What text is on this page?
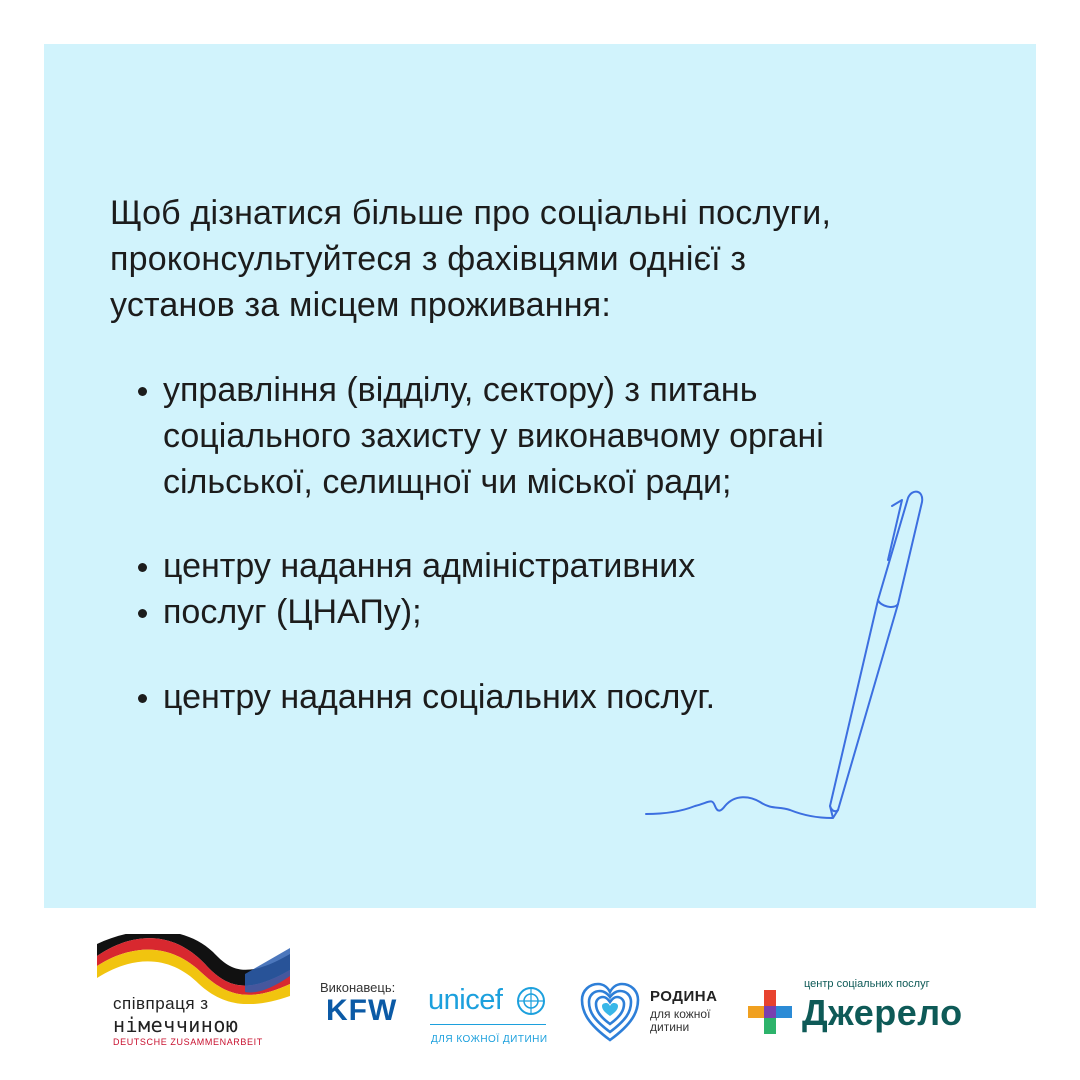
Щоб дізнатися більше про соціальні послуги,
проконсультуйтеся з фахівцями однієї з
установ за місцем проживання:
управління (відділу, сектору) з питань
соціального захисту у виконавчому органі
сільської, селищної чи міської ради;
центру надання адміністративних
послуг (ЦНАПу);
центру надання соціальних послуг.
співпраця з
німеччиною
DEUTSCHE ZUSAMMENARBEIT
Виконавець:
KFW unicef
ДЛЯ КОЖНОЇ ДИТИНИ
РОДИНА
для кожної
дитини
центр соціальних послуг
Джерело
